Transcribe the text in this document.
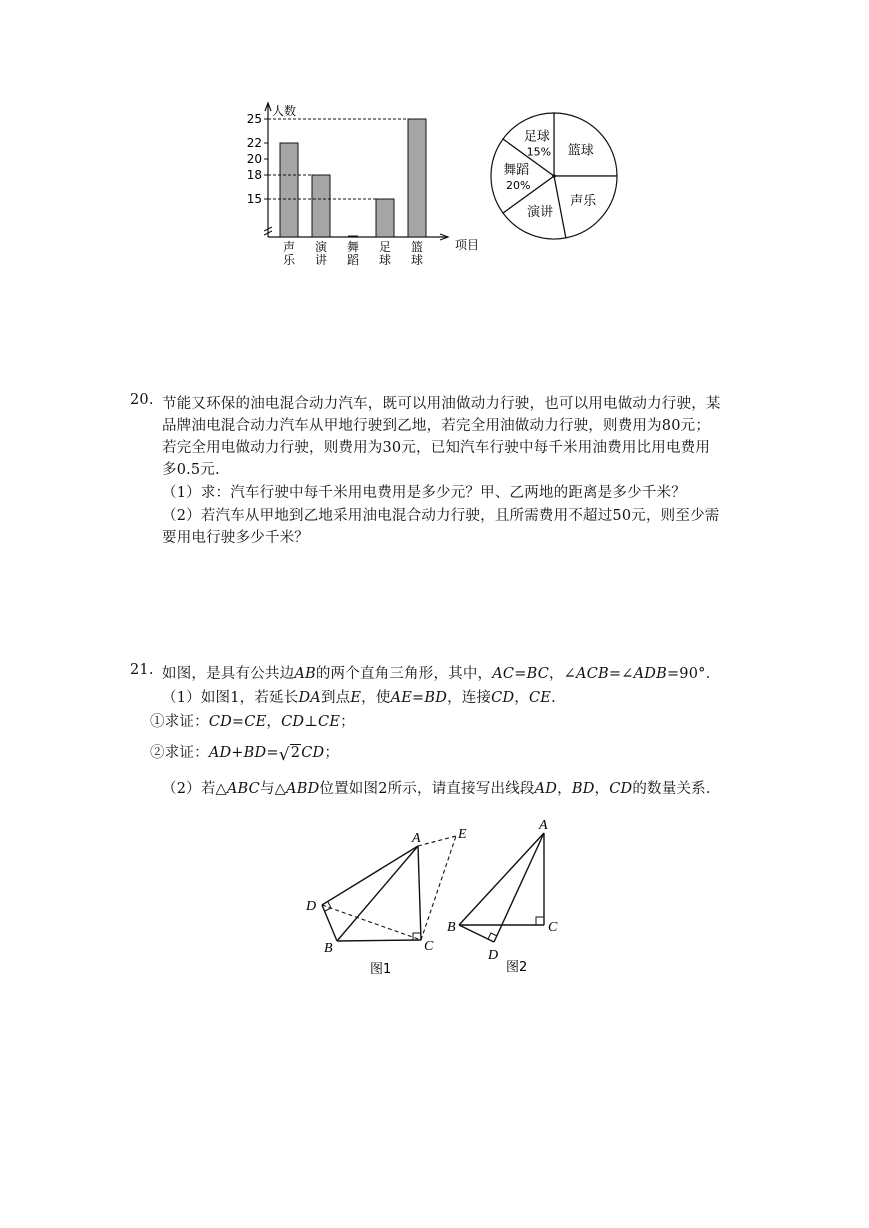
人数
项目
声
乐
演
讲
舞
蹈
足
球
篮
球
15
18
20
22
25
篮球
声乐
演讲
舞蹈
20%
足球
15%
20. 节能又环保的油电混合动力汽车，既可以用油做动力行驶，也可以用电做动力行驶，某
品牌油电混合动力汽车从甲地行驶到乙地，若完全用油做动力行驶，则费用为80元；
若完全用电做动力行驶，则费用为30元，已知汽车行驶中每千米用油费用比用电费用
多0.5元.
（1）求：汽车行驶中每千米用电费用是多少元？甲、乙两地的距离是多少千米？
（2）若汽车从甲地到乙地采用油电混合动力行驶，且所需费用不超过50元，则至少需
要用电行驶多少千米？
21. 如图，是具有公共边AB的两个直角三角形，其中，AC=BC，∠ACB=∠ADB=90°．
（1）如图1，若延长DA到点E，使AE=BD，连接CD，CE.
①求证：CD=CE，CD⊥CE；
②求证：AD+BD=√2CD；
（2）若△ABC与△ABD位置如图2所示，请直接写出线段AD，BD，CD的数量关系．
A	E
D
B	C
图1
A
B	C
D
图2
